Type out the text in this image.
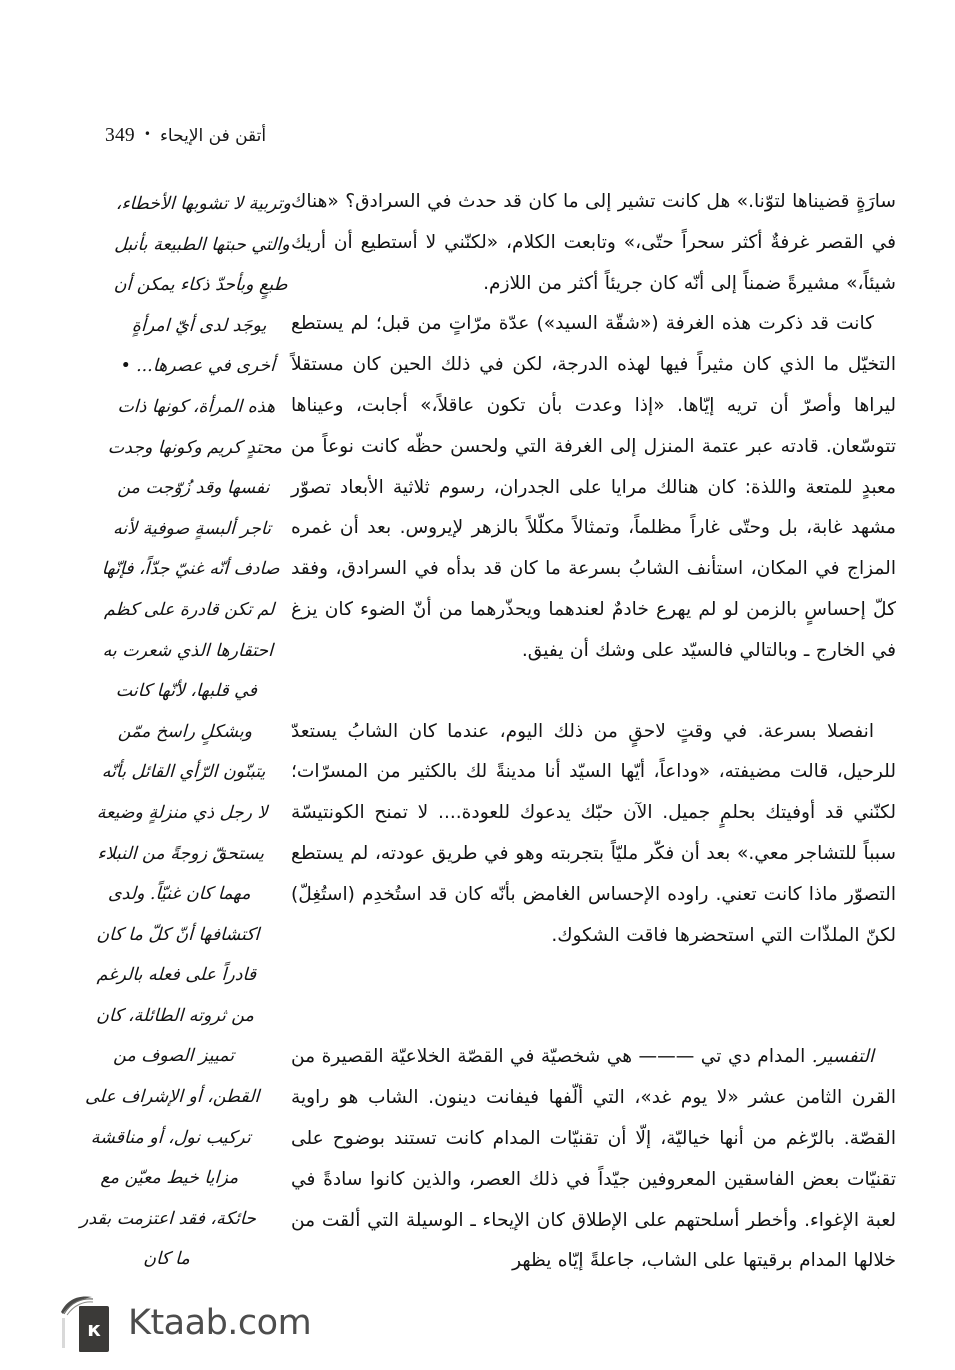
349 • أتقن فن الإيحاء

سارَةٍ قضيناها لتوّنا.» هل كانت تشير إلى ما كان قد حدث في السرادق؟ «هناك في القصر غرفةٌ أكثر سحراً حتّى،» وتابعت الكلام، «لكنّني لا أستطيع أن أريك شيئاً،» مشيرةً ضمناً إلى أنّه كان جريئاً أكثر من اللازم.

كانت قد ذكرت هذه الغرفة («شقّة السيد») عدّة مرّاتٍ من قبل؛ لم يستطع التخيّل ما الذي كان مثيراً فيها لهذه الدرجة، لكن في ذلك الحين كان مستقلاً ليراها وأصرّ أن تريه إيّاها. «إذا وعدت بأن تكون عاقلاً،» أجابت، وعيناها تتوسّعان. قادته عبر عتمة المنزل إلى الغرفة التي ولحسن حظّه كانت نوعاً من معبدٍ للمتعة واللذة: كان هنالك مرايا على الجدران، رسوم ثلاثية الأبعاد تصوّر مشهد غابة، بل وحتّى غاراً مظلماً، وتمثالاً مكلّلاً بالزهر لإيروس. بعد أن غمره المزاج في المكان، استأنف الشابُ بسرعة ما كان قد بدأه في السرادق، وفقد كلّ إحساسٍ بالزمن لو لم يهرع خادمٌ لعندهما ويحذّرهما من أنّ الضوء كان يزغ في الخارج ـ وبالتالي فالسيّد على وشك أن يفيق.

انفصلا بسرعة. في وقتٍ لاحقٍ من ذلك اليوم، عندما كان الشابُ يستعدّ للرحيل، قالت مضيفته، «وداعاً، أيّها السيّد أنا مدينةً لك بالكثير من المسرّات؛ لكنّني قد أوفيتك بحلمٍ جميل. الآن حبّك يدعوك للعودة.... لا تمنح الكونتيسّة سبباً للتشاجر معي.» بعد أن فكّر مليّاً بتجربته وهو في طريق عودته، لم يستطع التصوّر ماذا كانت تعني. راوده الإحساس الغامض بأنّه كان قد استُخدِم (استُغِلّ) لكنّ الملذّات التي استحضرها فاقت الشكوك.

التفسير. المدام دي تي ——— هي شخصيّة في القصّة الخلاعيّة القصيرة من القرن الثامن عشر «لا يوم غد»، التي ألّفها فيفانت دينون. الشاب هو راوية القصّة. بالرّغم من أنها خياليّة، إلّا أن تقنيّات المدام كانت تستند بوضوح على تقنيّات بعض الفاسقين المعروفين جيّداً في ذلك العصر، والذين كانوا سادةً في لعبة الإغواء. وأخطر أسلحتهم على الإطلاق كان الإيحاء ـ الوسيلة التي ألقت من خلالها المدام برقيتها على الشاب، جاعلةً إيّاه يظهر

وتربية لا تشوبها الأخطاء، والتي حبتها الطبيعة بأنبل طبعٍ وبأحدّ ذكاء يمكن أن يوجَد لدى أيّ امرأةٍ أخرى في عصرها... • هذه المرأة، كونها ذات محتدٍ كريم وكونها وجدت نفسها وقد زُوّجت من تاجر ألبسةٍ صوفية لأنه صادف أنّه غنيّ جدّاً، فإنّها لم تكن قادرة على كظم احتقارها الذي شعرت به في قلبها، لأنّها كانت وبشكلٍ راسخ ممّن يتبنّون الرّأي القائل بأنّه لا رجل ذي منزلةٍ وضيعة يستحقّ زوجةً من النبلاء مهما كان غنيّاً. ولدى اكتشافها أنّ كلّ ما كان قادراً على فعله بالرغم من ثروته الطائلة، كان تمييز الصوف من القطن، أو الإشراف على تركيب نول، أو مناقشة مزايا خيط معيّن مع حائكة، فقد اعتزمت بقدر ما كان

к Ktaab.com
